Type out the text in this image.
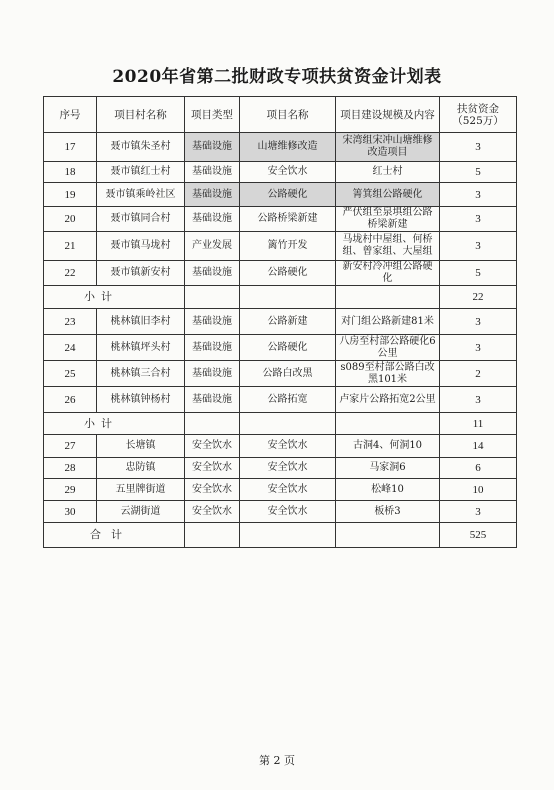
2020年省第二批财政专项扶贫资金计划表
序号	项目村名称	项目类型	项目名称	项目建设规模及内容	扶贫资金（525万）
17	聂市镇朱圣村	基础设施	山塘维修改造	宋湾组宋冲山塘维修改造项目	3
18	聂市镇红士村	基础设施	安全饮水	红士村	5
19	聂市镇乘岭社区	基础设施	公路硬化	箐箕组公路硬化	3
20	聂市镇同合村	基础设施	公路桥梁新建	严伏组至泉埧组公路桥梁新建	3
21	聂市镇马垅村	产业发展	篱竹开发	马垅村中屋组、何桥组、曾家组、大屋组	3
22	聂市镇新安村	基础设施	公路硬化	新安村冷冲组公路硬化	5
小计					22
23	桃林镇旧李村	基础设施	公路新建	对门组公路新建81米	3
24	桃林镇坪头村	基础设施	公路硬化	八房至村部公路硬化6公里	3
25	桃林镇三合村	基础设施	公路白改黑	s089至村部公路白改黑101米	2
26	桃林镇钟杨村	基础设施	公路拓宽	卢家片公路拓宽2公里	3
小计					11
27	长塘镇	安全饮水	安全饮水	古洞4、何洞10	14
28	忠防镇	安全饮水	安全饮水	马家洞6	6
29	五里牌街道	安全饮水	安全饮水	松峰10	10
30	云湖街道	安全饮水	安全饮水	板桥3	3
合计					525
第 2 页
